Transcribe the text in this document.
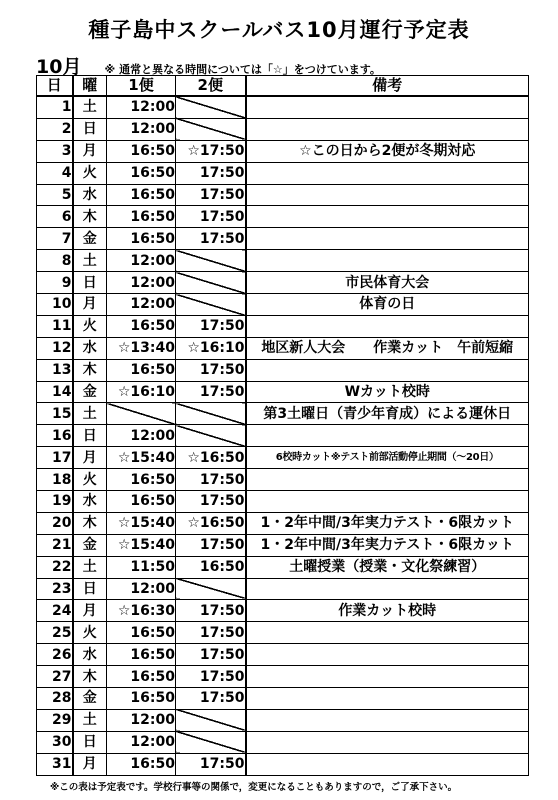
種子島中スクールバス10月運行予定表
10月 ※ 通常と異なる時間については「☆」をつけています。
日	曜	1便	2便	備考
1	土	12:00		
2	日	12:00		
3	月	16:50	☆17:50	☆この日から2便が冬期対応
4	火	16:50	17:50	
5	水	16:50	17:50	
6	木	16:50	17:50	
7	金	16:50	17:50	
8	土	12:00		
9	日	12:00		市民体育大会
10	月	12:00		体育の日
11	火	16:50	17:50	
12	水	☆13:40	☆16:10	地区新人大会　　作業カット　午前短縮
13	木	16:50	17:50	
14	金	☆16:10	17:50	Wカット校時
15	土			第3土曜日（青少年育成）による運休日
16	日	12:00		
17	月	☆15:40	☆16:50	6校時カット※テスト前部活動停止期間（～20日）
18	火	16:50	17:50	
19	水	16:50	17:50	
20	木	☆15:40	☆16:50	1・2年中間/3年実力テスト・6限カット
21	金	☆15:40	17:50	1・2年中間/3年実力テスト・6限カット
22	土	11:50	16:50	土曜授業（授業・文化祭練習）
23	日	12:00		
24	月	☆16:30	17:50	作業カット校時
25	火	16:50	17:50	
26	水	16:50	17:50	
27	木	16:50	17:50	
28	金	16:50	17:50	
29	土	12:00		
30	日	12:00		
31	月	16:50	17:50	
※この表は予定表です。学校行事等の関係で，変更になることもありますので，ご了承下さい。
